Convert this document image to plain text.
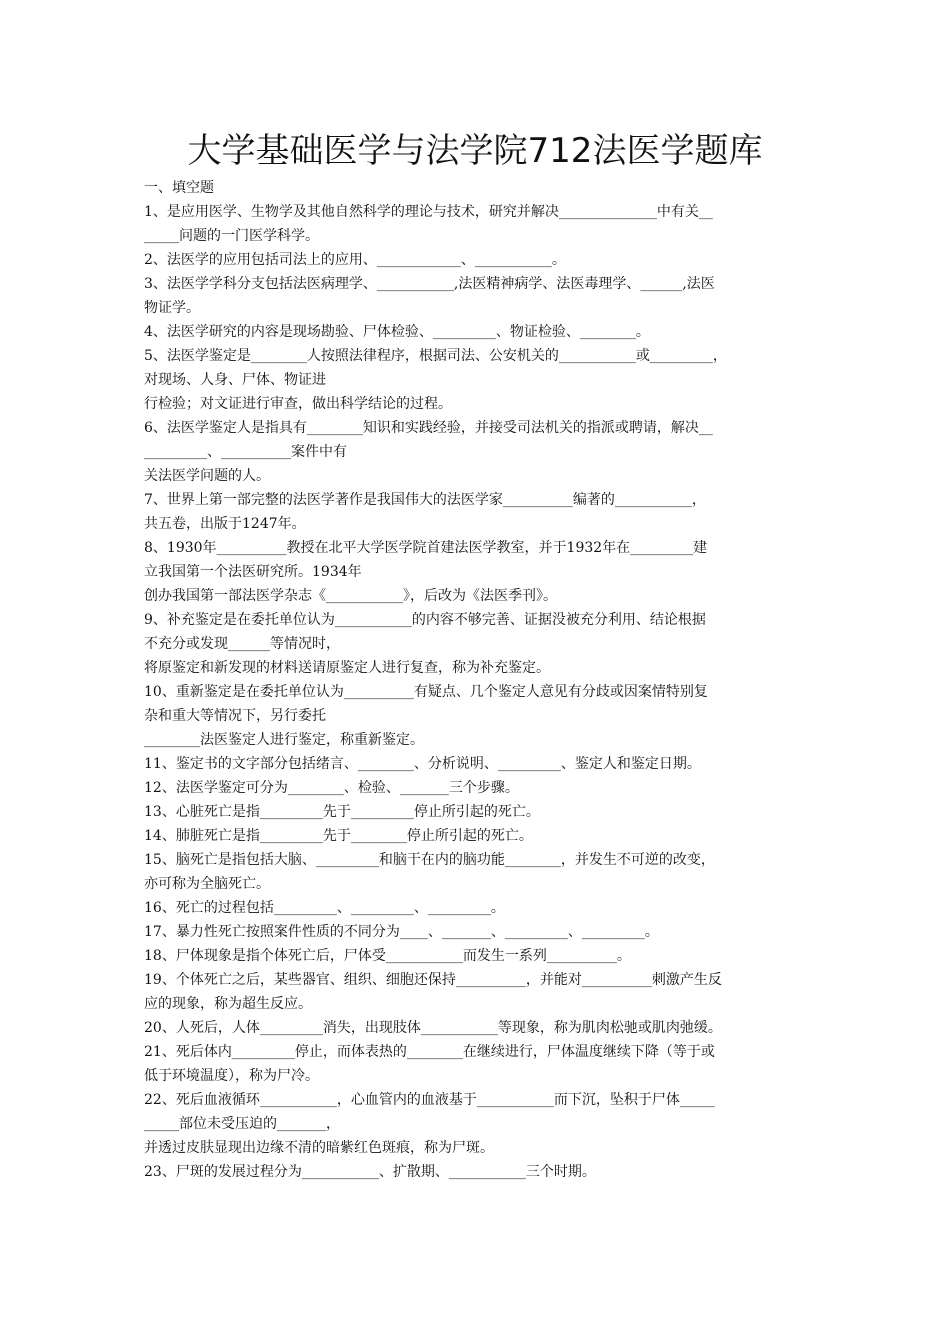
大学基础医学与法学院712法医学题库
一、填空题
1、是应用医学、生物学及其他自然科学的理论与技术，研究并解决______________中有关__
_____问题的一门医学科学。
2、法医学的应用包括司法上的应用、____________、___________。
3、法医学学科分支包括法医病理学、___________,法医精神病学、法医毒理学、______,法医
物证学。
4、法医学研究的内容是现场勘验、尸体检验、_________、物证检验、________。
5、法医学鉴定是________人按照法律程序，根据司法、公安机关的___________或_________，
对现场、人身、尸体、物证进
行检验；对文证进行审查，做出科学结论的过程。
6、法医学鉴定人是指具有________知识和实践经验，并接受司法机关的指派或聘请，解决__
_________、__________案件中有
关法医学问题的人。
7、世界上第一部完整的法医学著作是我国伟大的法医学家__________编著的___________，
共五卷，出版于1247年。
8、1930年__________教授在北平大学医学院首建法医学教室，并于1932年在_________建
立我国第一个法医研究所。1934年
创办我国第一部法医学杂志《___________》，后改为《法医季刊》。
9、补充鉴定是在委托单位认为___________的内容不够完善、证据没被充分利用、结论根据
不充分或发现______等情况时，
将原鉴定和新发现的材料送请原鉴定人进行复查，称为补充鉴定。
10、重新鉴定是在委托单位认为__________有疑点、几个鉴定人意见有分歧或因案情特别复
杂和重大等情况下，另行委托
________法医鉴定人进行鉴定，称重新鉴定。
11、鉴定书的文字部分包括绪言、________、分析说明、_________、鉴定人和鉴定日期。
12、法医学鉴定可分为________、检验、_______三个步骤。
13、心脏死亡是指_________先于_________停止所引起的死亡。
14、肺脏死亡是指_________先于________停止所引起的死亡。
15、脑死亡是指包括大脑、_________和脑干在内的脑功能________，并发生不可逆的改变，
亦可称为全脑死亡。
16、死亡的过程包括_________、_________、_________。
17、暴力性死亡按照案件性质的不同分为____、_______、_________、_________。
18、尸体现象是指个体死亡后，尸体受___________而发生一系列__________。
19、个体死亡之后，某些器官、组织、细胞还保持__________，并能对__________刺激产生反
应的现象，称为超生反应。
20、人死后，人体_________消失，出现肢体___________等现象，称为肌肉松驰或肌肉弛缓。
21、死后体内_________停止，而体表热的________在继续进行，尸体温度继续下降（等于或
低于环境温度），称为尸冷。
22、死后血液循环___________，心血管内的血液基于___________而下沉，坠积于尸体_____
_____部位未受压迫的_______，
并透过皮肤显现出边缘不清的暗紫红色斑痕，称为尸斑。
23、尸斑的发展过程分为___________、扩散期、___________三个时期。
